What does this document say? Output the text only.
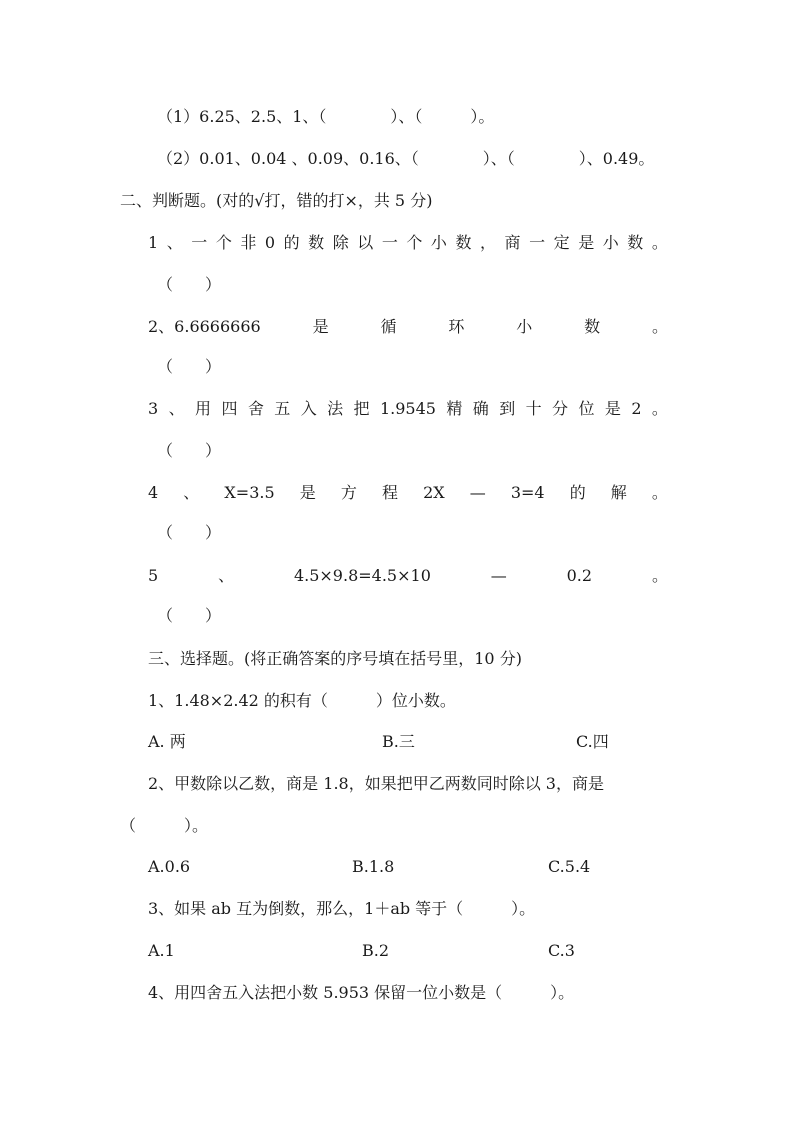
（1）6.25、2.5、1、（　　　　）、（　　　）。
（2）0.01、0.04 、0.09、0.16、（　　　　）、（　　　　）、0.49。
二、判断题。(对的√打，错的打×，共 5 分)
1 、 一 个 非 0 的 数 除 以 一 个 小 数 ， 商 一 定 是 小 数 。
（　　）
2、6.6666666	是	循	环	小	数	。
（　　）
3 、 用 四 舍 五 入 法 把 1.9545 精 确 到 十 分 位 是 2 。
（　　）
4 、 X=3.5 是 方 程 2X — 3=4 的 解 。
（　　）
5	、	4.5×9.8=4.5×10	—	0.2	。
（　　）
三、选择题。(将正确答案的序号填在括号里，10 分)
1、1.48×2.42 的积有（　　　）位小数。
A. 两	B.三	C.四
2、甲数除以乙数，商是 1.8，如果把甲乙两数同时除以 3，商是
（　　　）。
A.0.6	B.1.8	C.5.4
3、如果 ab 互为倒数，那么，1＋ab 等于（　　　）。
A.1	B.2	C.3
4、用四舍五入法把小数 5.953 保留一位小数是（　　　）。
